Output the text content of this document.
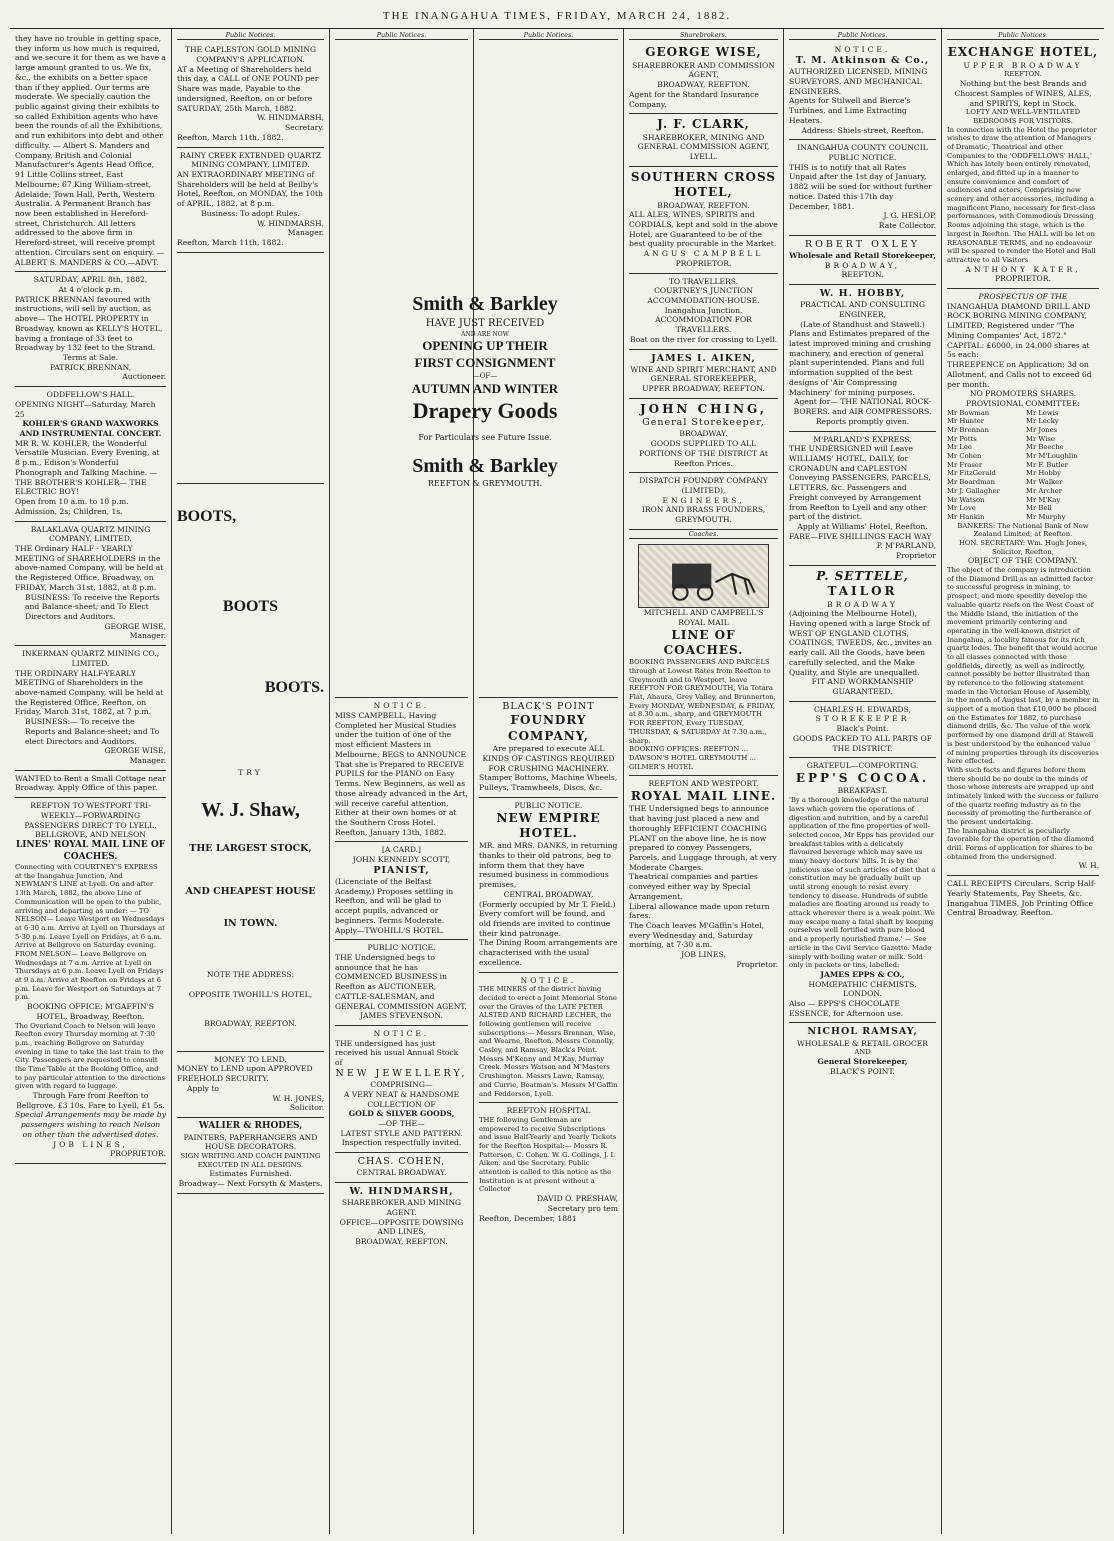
THE INANGAHUA TIMES, FRIDAY, MARCH 24, 1882.
they have no trouble in getting space, they inform us how much is required, and we secure it for them as we have a large amount granted to us. We fix, &c., the exhibits on a better space than if they applied. Our terms are moderate. We specially caution the public against giving their exhibits to so called Exhibition agents who have been the rounds of all the Exhibitions, and run exhibitors into debt and other difficulty. — Albert S. Manders and Company, British and Colonial Manufacturer's Agents Head Office, 91 Little Collins street, East Melbourne; 67 King William-street, Adelaide; Town Hall, Perth, Western Australia. A Permanent Branch has now been established in Hereford-street, Christchurch. All letters addressed to the above firm in Hereford-street, will receive prompt attention. Circulars sent on enquiry. —ALBERT S. MANDERS & CO.—ADVT.
SATURDAY, APRIL 8th, 1882,
At 4 o'clock p.m.
PATRICK BRENNAN favoured with instructions, will sell by auction, as above— The HOTEL PROPERTY in Broadway, known as KELLY'S HOTEL, having a frontage of 33 feet to Broadway by 132 feet to the Strand.
Terms at Sale.
PATRICK BRENNAN,
Auctioneer.
ODDFELLOW'S HALL.
OPENING NIGHT—Saturday, March 25
KOHLER'S GRAND WAXWORKS AND INSTRUMENTAL CONCERT.
MR R. W. KOHLER, the Wonderful Versatile Musician. Every Evening, at 8 p.m., Edison's Wonderful Phonograph and Talking Machine. —THE BROTHER'S KOHLER— THE ELECTRIC BOY!
Open from 10 a.m. to 10 p.m. Admission, 2s; Children, 1s.
BALAKLAVA QUARTZ MINING COMPANY, LIMITED.
THE Ordinary HALF - YEARLY MEETING of SHAREHOLDERS in the above-named Company, will be held at the Registered Office, Broadway, on FRIDAY, March 31st, 1882, at 8 p.m.
BUSINESS: To receive the Reports and Balance-sheet; and To Elect Directors and Auditors.
GEORGE WISE,
Manager.
INKERMAN QUARTZ MINING CO., LIMITED.
THE ORDINARY HALF-YEARLY MEETING of Shareholders in the above-named Company, will be held at the Registered Office, Reefton, on Friday, March 31st, 1882, at 7 p.m.
BUSINESS:— To receive the Reports and Balance-sheet; and To elect Directors and Auditors.
GEORGE WISE,
Manager.
WANTED to Rent a Small Cottage near Broadway. Apply Office of this paper.
REEFTON TO WESTPORT TRI-WEEKLY—FORWARDING PASSENGERS DIRECT TO LYELL, BELLGROVE, AND NELSON
LINES' ROYAL MAIL LINE OF COACHES.
Connecting with COURTNEY'S EXPRESS at the Inangahua Junction, And NEWMAN'S LINE at Lyell. On and after 13th March, 1882, the above Line of Communication will be open to the public, arriving and departing as under: — TO NELSON— Leave Westport on Wednesdays at 6·30 a.m. Arrive at Lyell on Thursdays at 5·30 p.m. Leave Lyell on Fridays, at 6 a.m. Arrive at Bellgrove on Saturday evening. FROM NELSON— Leave Bellgrove on Wednesdays at 7 a.m. Arrive at Lyell on Thursdays at 6 p.m. Leave Lyell on Fridays at 9 a.m. Arrive at Reefton on Fridays at 6 p.m. Leave for Westport on Saturdays at 7 p.m.
BOOKING OFFICE: M'GAFFIN'S HOTEL, Broadway, Reefton.
The Overland Coach to Nelson will leave Reefton every Thursday morning at 7·30 p.m., reaching Bellgrove on Saturday evening in time to take the last train to the City. Passengers are requested to consult the Time Table at the Booking Office, and to pay particular attention to the directions given with regard to luggage.
Through Fare from Reefton to Bellgrove, £3 10s. Fare to Lyell, £1 5s.
Special Arrangements may be made by passengers wishing to reach Nelson on other than the advertised dates.
JOB LINES,
PROPRIETOR.
Public Notices.
THE CAPLESTON GOLD MINING COMPANY'S APPLICATION.
AT a Meeting of Shareholders held this day, a CALL of ONE POUND per Share was made, Payable to the undersigned, Reefton, on or before SATURDAY, 25th March, 1882.
W. HINDMARSH,
Secretary.
Reefton, March 11th, 1882.
RAINY CREEK EXTENDED QUARTZ MINING COMPANY, LIMITED.
AN EXTRAORDINARY MEETING of Shareholders will be held at Beilby's Hotel, Reefton, on MONDAY, the 10th of APRIL, 1882, at 8 p.m.
Business: To adopt Rules.
W. HINDMARSH,
Manager.
Reefton, March 11th, 1882.
BOOTS,
BOOTS
BOOTS.
TRY
W. J. Shaw,
THE LARGEST STOCK,
AND CHEAPEST HOUSE
IN TOWN.
NOTE THE ADDRESS:
OPPOSITE TWOHILL'S HOTEL,
BROADWAY, REEFTON.
MONEY TO LEND.
MONEY to LEND upon APPROVED FREEHOLD SECURITY.
Apply to
W. H. JONES,
Solicitor.
WALIER & RHODES,
PAINTERS, PAPERHANGERS AND HOUSE DECORATORS.
SIGN WRITING AND COACH PAINTING EXECUTED IN ALL DESIGNS.
Estimates Furnished.
Broadway— Next Forsyth & Masters.
Public Notices.
Smith & Barkley
HAVE JUST RECEIVED
AND ARE NOW
OPENING UP THEIR
FIRST CONSIGNMENT
—OF—
AUTUMN AND WINTER
Drapery Goods
For Particulars see Future Issue.
Smith & Barkley
REEFTON & GREYMOUTH.
NOTICE.
MISS CAMPBELL, Having Completed her Musical Studies under the tuition of one of the most efficient Masters in Melbourne, BEGS to ANNOUNCE That she is Prepared to RECEIVE PUPILS for the PIANO on Easy Terms. New Beginners, as well as those already advanced in the Art, will receive careful attention, Either at their own homes or at the Southern Cross Hotel. Reefton, January 13th, 1882.
[A CARD.]
JOHN KENNEDY SCOTT,
PIANIST,
(Licenciate of the Belfast Academy,) Proposes settling in Reefton, and will be glad to accept pupils, advanced or beginners. Terms Moderate. Apply—TWOHILL'S HOTEL.
PUBLIC NOTICE.
THE Undersigned begs to announce that he has COMMENCED BUSINESS in Reefton as AUCTIONEER, CATTLE-SALESMAN, and GENERAL COMMISSION AGENT.
JAMES STEVENSON.
NOTICE.
THE undersigned has just received his usual Annual Stock of
NEW JEWELLERY,
COMPRISING—
A VERY NEAT & HANDSOME COLLECTION OF
GOLD & SILVER GOODS,
—OF THE—
LATEST STYLE AND PATTERN.
Inspection respectfully invited.
CHAS. COHEN,
CENTRAL BROADWAY.
W. HINDMARSH,
SHAREBROKER AND MINING AGENT.
OFFICE—OPPOSITE DOWSING AND LINES,
BROADWAY, REEFTON.
Public Notices.
BLACK'S POINT
FOUNDRY COMPANY,
Are prepared to execute ALL KINDS OF CASTINGS REQUIRED FOR CRUSHING MACHINERY.
Stamper Bottoms, Machine Wheels, Pulleys, Tramwheels, Discs, &c.
PUBLIC NOTICE.
NEW EMPIRE HOTEL.
MR. and MRS. DANKS, in returning thanks to their old patrons, beg to inform them that they have resumed business in commodious premises,
CENTRAL BROADWAY,
(Formerly occupied by Mr T. Field.)
Every comfort will be found, and old friends are invited to continue their kind patronage.
The Dining Room arrangements are characterised with the usual excellence.
NOTICE.
THE MINERS of the district having decided to erect a Joint Memorial Stone over the Graves of the LATE PETER ALSTED AND RICHARD LECHER, the following gentlemen will receive subscriptions:— Messrs Brennan, Wise, and Wearne, Reefton. Messrs Connolly, Casley, and Ramsay, Black's Point. Messrs M'Kenny and M'Kay, Murray Creek. Messrs Watson and M'Masters Crushington. Messrs Lawn, Ramsay, and Currie, Boatman's. Messrs M'Gaffin and Fedderson, Lyell.
REEFTON HOSPITAL
THE following Gentleman are empowered to receive Subscriptions and issue Half-Yearly and Yearly Tickets for the Reefton Hospital:— Messrs R. Patterson, C. Cohen. W. G. Collings, J. I. Aiken. and the Secretary. Public attention is called to this notice as the Institution is at present without a Collector
DAVID O. PRESHAW,
Secretary pro tem
Reefton, December, 1881
Sharebrokers.
GEORGE WISE,
SHAREBROKER AND COMMISSION AGENT,
BROADWAY, REEFTON.
Agent for the Standard Insurance Company.
J. F. CLARK,
SHAREBROKER, MINING AND GENERAL COMMISSION AGENT,
LYELL.
SOUTHERN CROSS HOTEL,
BROADWAY, REEFTON.
ALL ALES, WINES, SPIRITS and CORDIALS, kept and sold in the above Hotel, are Guaranteed to be of the best quality procurable in the Market.
ANGUS CAMPBELL
PROPRIETOR.
TO TRAVELLERS.
COURTNEY'S JUNCTION ACCOMMODATION-HOUSE.
Inangahua Junction.
ACCOMMODATION FOR TRAVELLERS.
Boat on the river for crossing to Lyell.
JAMES I. AIKEN,
WINE AND SPIRIT MERCHANT, AND GENERAL STOREKEEPER,
UPPER BROADWAY, REEFTON.
JOHN CHING,
General Storekeeper,
BROADWAY.
GOODS SUPPLIED TO ALL PORTIONS OF THE DISTRICT At Reefton Prices.
DISPATCH FOUNDRY COMPANY (LIMITED),
ENGINEERS,
IRON AND BRASS FOUNDERS,
GREYMOUTH.
Coaches.
MITCHELL AND CAMPBELL'S
ROYAL MAIL
LINE OF COACHES.
BOOKING PASSENGERS AND PARCELS through at Lowest Rates from Reefton to Greymouth and to Westport, leave REEFTON FOR GREYMOUTH, Via Totara Flat, Ahaura, Grey Valley, and Brunnerton, Every MONDAY, WEDNESDAY, & FRIDAY, at 8.30 a.m., sharp, and GREYMOUTH FOR REEFTON, Every TUESDAY, THURSDAY, & SATURDAY At 7.30 a.m., sharp.
BOOKING OFFICES: REEFTON ... DAWSON'S HOTEL GREYMOUTH ... GILMER'S HOTEL
REEFTON AND WESTPORT.
ROYAL MAIL LINE.
THE Undersigned begs to announce that having just placed a new and thoroughly EFFICIENT COACHING PLANT on the above line, he is now prepared to convey Passengers, Parcels, and Luggage through, at very Moderate Charges.
Theatrical companies and parties conveyed either way by Special Arrangement.
Liberal allowance made upon return fares.
The Coach leaves M'Gaffin's Hotel, every Wednesday and, Saturday morning, at 7·30 a.m.
JOB LINES,
Proprietor.
Public Notices.
NOTICE.
T. M. Atkinson & Co.,
AUTHORIZED LICENSED, MINING SURVEYORS, AND MECHANICAL ENGINEERS.
Agents for Stilwell and Bierce's Turbines, and Lime Extracting Heaters.
Address: Shiels-street, Reefton.
INANGAHUA COUNTY COUNCIL
PUBLIC NOTICE.
THIS is to notify that all Rates Unpaid after the 1st day of January, 1882 will be sued for without further notice. Dated this 17th day December, 1881.
J. G. HESLOP,
Rate Collector.
ROBERT OXLEY
Wholesale and Retail Storekeeper,
BROADWAY,
REEFTON.
W. H. HOBBY,
PRACTICAL AND CONSULTING ENGINEER,
(Late of Standhust and Stawell.)
Plans and Estimates prepared of the latest improved mining and crushing machinery, and erection of general plant superintended. Plans and full information supplied of the best designs of 'Air Compressing Machinery' for mining purposes.
Agent for— THE NATIONAL ROCK-BORERS. and AIR COMPRESSORS.
Reports promptly given.
M'PARLAND'S EXPRESS.
THE UNDERSIGNED will Leave WILLIAMS' HOTEL, DAILY, for CRONADUN and CAPLESTON Conveying PASSENGERS, PARCELS, LETTERS, &c. Passengers and Freight conveyed by Arrangement from Reefton to Lyell and any other part of the district.
Apply at Williams' Hotel, Reefton.
FARE—FIVE SHILLINGS EACH WAY
P. M'PARLAND,
Proprietor
P. SETTELE,
TAILOR
BROADWAY
(Adjoining the Melbourne Hotel), Having opened with a large Stock of WEST OF ENGLAND CLOTHS, COATINGS, TWEEDS, &c., invites an early call. All the Goods, have been carefully selected, and the Make Quality, and Style are unequalled.
FIT AND WORKMANSHIP GUARANTEED.
CHARLES H. EDWARDS,
STOREKEEPER
Black's Point.
GOODS PACKED TO ALL PARTS OF THE DISTRICT.
GRATEFUL—COMFORTING.
EPP'S COCOA.
BREAKFAST.
'By a thorough knowledge of the natural laws which govern the operations of digestion and nutrition, and by a careful application of the fine properties of well-selected cocoa, Mr Epps has provided our breakfast tables with a delicately flavoured beverage which may save us many heavy doctors' bills. It is by the judicious use of such articles of diet that a constitution may be gradually built up until strong enough to resist every tendency to disease. Hundreds of subtle maladies are floating around us ready to attack wherever there is a weak point. We may escape many a fatal shaft by keeping ourselves well fortified with pure blood and a properly nourished frame.' — See article in the Civil Service Gazette. Made simply with boiling water or milk. Sold only in packets or tins, labelled:
JAMES EPPS & CO.,
HOMŒPATHIC CHEMISTS,
LONDON.
Also — EPPS'S CHOCOLATE ESSENCE, for Afternoon use.
NICHOL RAMSAY,
WHOLESALE & RETAIL GROCER
AND
General Storekeeper,
BLACK'S POINT.
Public Notices.
EXCHANGE HOTEL,
UPPER BROADWAY
REEFTON.
Nothing but the best Brands and Choicest Samples of WINES, ALES, and SPIRITS, kept in Stock.
LOFTY AND WELL-VENTILATED BEDROOMS FOR VISITORS.
In connection with the Hotel the proprietor wishes to draw the attention of Managers of Dramatic, Theatrical and other Companies to the 'ODDFELLOWS' HALL,' Which has lately been entirely renovated, enlarged, and fitted up in a manner to ensure convenience and comfort of audiences and actors, Comprising new scenery and other accessories, including a magnificent Piano, necessary for first-class performances, with Commodious Dressing Rooms adjoining the stage, which is the largest in Reefton. The HALL will be let on REASONABLE TERMS, and no endeavour will be spared to render the Hotel and Hall attractive to all Visitors
ANTHONY KATER,
PROPRIETOR.
PROSPECTUS OF THE
INANGAHUA DIAMOND DRILL AND ROCK BORING MINING COMPANY, LIMITED, Registered under "The Mining Companies' Act, 1872."
CAPITAL: £6000, in 24,000 shares at 5s each:
THREEPENCE on Application; 3d on Allotment, and Calls not to exceed 6d per month.
NO PROMOTERS SHARES.
PROVISIONAL COMMITTEE:
Mr Bowman
Mr Hunter
Mr Brennan
Mr Potts
Mr Lee
Mr Cohen
Mr Fraser
Mr FitzGerald
Mr Boardman
Mr J. Gallagher
Mr Watson
Mr Love
Mr Hankin
Mr Lewis
Mr Lecky
Mr Jones
Mr Wise
Mr Beeche
Mr M'Loughlin
Mr F. Butler
Mr Hobby
Mr Walker
Mr Archer
Mr M'Kay
Mr Bell
Mr Murphy
BANKERS: The National Bank of New Zealand Limited, at Reefton.
HON. SECRETARY: Wm. Hugh Jones, Solicitor, Reefton,
OBJECT OF THE COMPANY.
The object of the company is introduction of the Diamond Drill as an admitted factor to successful progress in mining, to prospect, and more speedily develop the valuable quartz reefs on the West Coast of the Middle Island, the initiation of the movement primarily centering and operating in the well-known district of Inangahua, a locality famous for its rich quartz lodes. The benefit that would accrue to all classes connected with those goldfields, directly, as well as indirectly, cannot possibly be better illustrated than by reference to the following statement made in the Victorian House of Assembly, in the month of August last, by a member in support of a motion that £10,000 be placed on the Estimates for 1882, to purchase diamond drills, &c. The value of the work performed by one diamond drill at Stawell is best understood by the enhanced value of mining properties through its discoveries here effected.
With such facts and figures before them there should be no doubt in the minds of those whose interests are wrapped up and intimately linked with the success or failure of the quartz reefing industry as to the necessity of promoting the furtherance of the present undertaking.
The Inangahua district is peculiarly favorable for the operation of the diamond drill. Forms of application for shares to be obtained from the undersigned.
W. H.
CALL RECEIPTS Circulars, Scrip Half-Yearly Statements, Pay Sheets, &c.
Inangahua TIMES, Job Printing Office
Central Broadway, Reefton.
